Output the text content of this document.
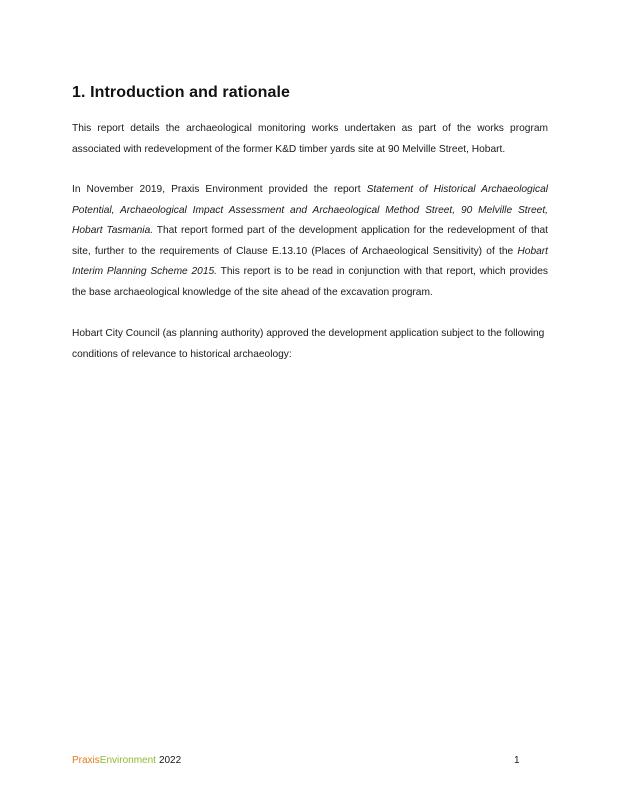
1. Introduction and rationale

This report details the archaeological monitoring works undertaken as part of the works program associated with redevelopment of the former K&D timber yards site at 90 Melville Street, Hobart.

In November 2019, Praxis Environment provided the report Statement of Historical Archaeological Potential, Archaeological Impact Assessment and Archaeological Method Street, 90 Melville Street, Hobart Tasmania. That report formed part of the development application for the redevelopment of that site, further to the requirements of Clause E.13.10 (Places of Archaeological Sensitivity) of the Hobart Interim Planning Scheme 2015. This report is to be read in conjunction with that report, which provides the base archaeological knowledge of the site ahead of the excavation program.

Hobart City Council (as planning authority) approved the development application subject to the following conditions of relevance to historical archaeology:

PraxisEnvironment 2022	1
